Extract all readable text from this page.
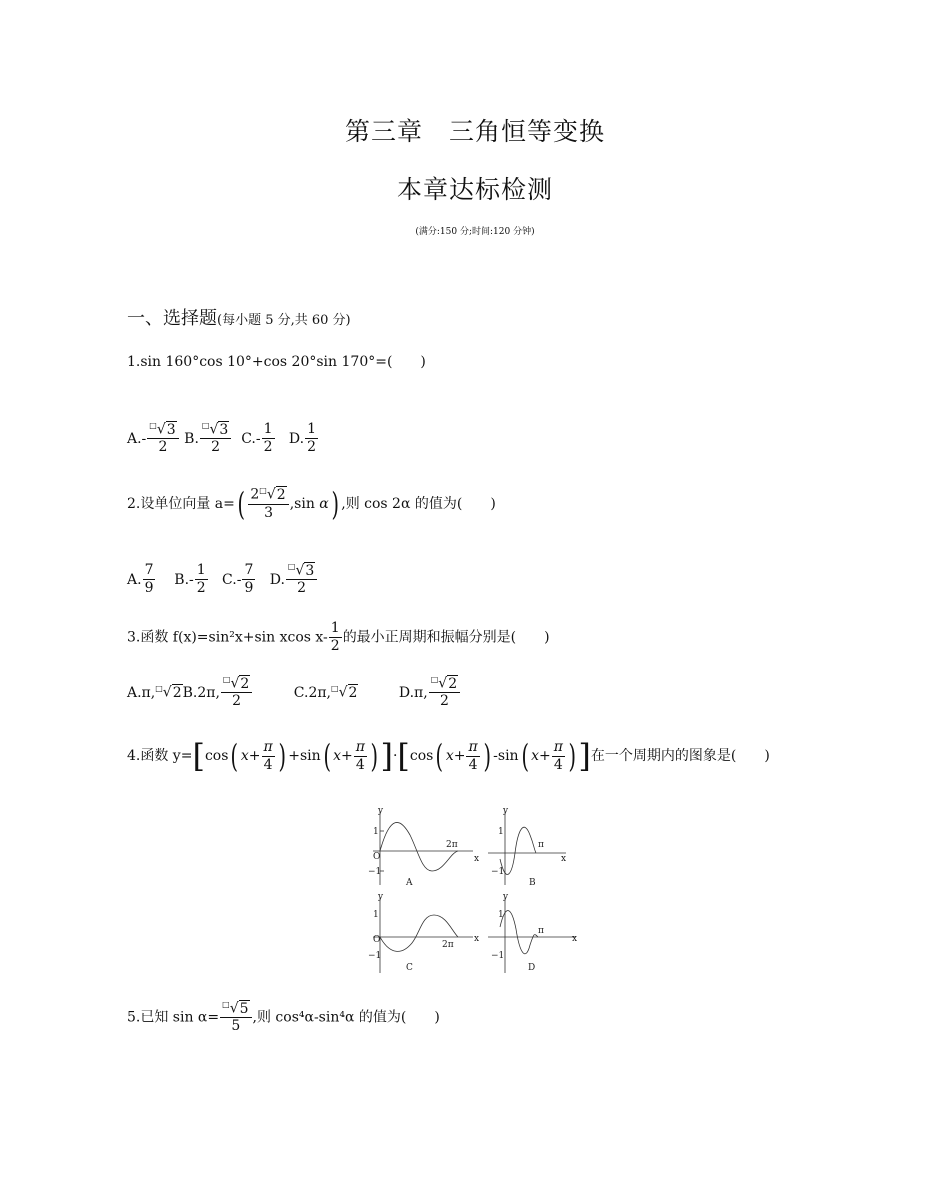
第三章　三角恒等变换
本章达标检测
(满分:150 分;时间:120 分钟)
一、选择题(每小题 5 分,共 60 分)
1.sin 160°cos 10°+cos 20°sin 170°=(　　)
$A.- \frac{^□√3}{2} B$. $\frac{^□√3}{2} C.- \frac{1}{2} D$. $\frac{1}{2}$
2.设单位向量 $a=( \frac{2^□√2}{3} ,\sin$ α) ,则 cos 2α 的值为(　　)
A. $\frac{7}{9} B.- \frac{1}{2} C.- \frac{7}{9} D$. $\frac{^□√3}{2}$
3.函数 f(x)=sin²x+sin xcos $x- \frac{1}{2}$ 的最小正周期和振幅分别是(　　)
A.π,□√2B.2π, $\frac{^□√2}{2}$	C.2π,□√2	D.π, $\frac{^□√2}{2}$
4.函数 y=[cos( $x+ \frac{\pi}{4}$ ) +sin( $x+ \frac{\pi}{4} )]\cdot[\cos$( $x+ \frac{\pi}{4}$ ) -sin( $x+ \frac{\pi}{4}$ )]在一个周期内的图象是(　　)
y
x
1
−1
O
2π
A
y
x
1
−1
π
B
y
x
1
−1
O	2π
C
y
x
1
−1
π
D
5.已知 $\sin \alpha= \frac{^□√5}{5}$ ,则 cos⁴α-sin⁴α 的值为(　　)
